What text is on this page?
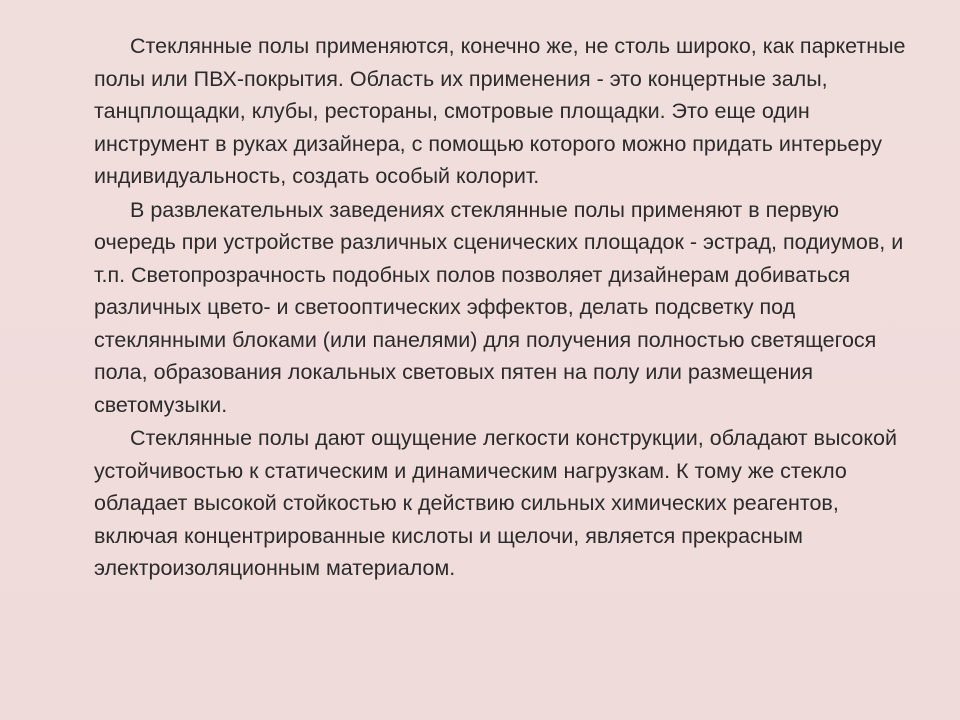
Стеклянные полы применяются, конечно же, не столь широко, как паркетные полы или ПВХ-покрытия. Область их применения - это концертные залы, танцплощадки, клубы, рестораны, смотровые площадки. Это еще один инструмент в руках дизайнера, с помощью которого можно придать интерьеру индивидуальность, создать особый колорит.

В развлекательных заведениях стеклянные полы применяют в первую очередь при устройстве различных сценических площадок - эстрад, подиумов, и т.п. Светопрозрачность подобных полов позволяет дизайнерам добиваться различных цвето- и светооптических эффектов, делать подсветку под стеклянными блоками (или панелями) для получения полностью светящегося пола, образования локальных световых пятен на полу или размещения светомузыки.

Стеклянные полы дают ощущение легкости конструкции, обладают высокой устойчивостью к статическим и динамическим нагрузкам. К тому же стекло обладает высокой стойкостью к действию сильных химических реагентов, включая концентрированные кислоты и щелочи, является прекрасным электроизоляционным материалом.
